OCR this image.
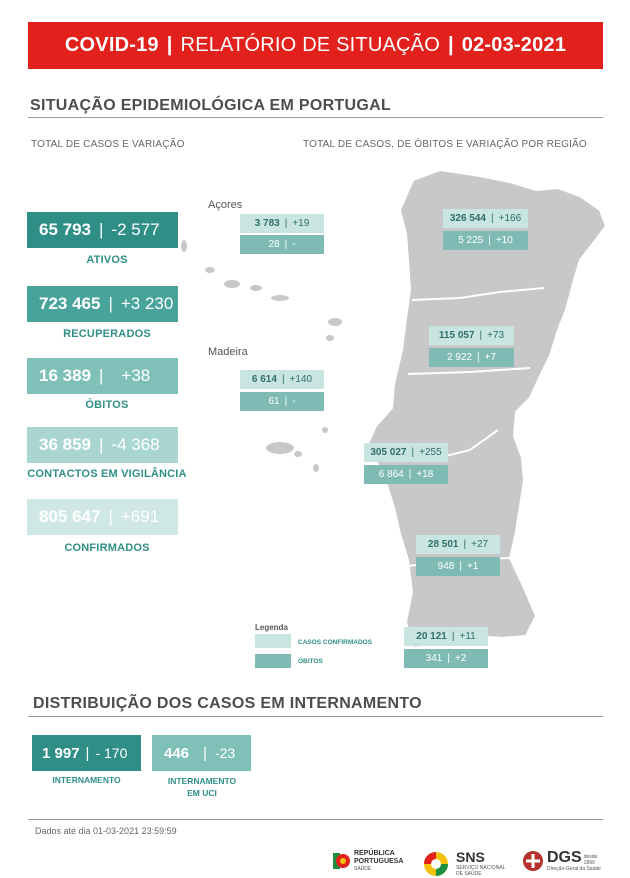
COVID-19 | RELATÓRIO DE SITUAÇÃO | 02-03-2021
SITUAÇÃO EPIDEMIOLÓGICA EM PORTUGAL
TOTAL DE CASOS E VARIAÇÃO	TOTAL DE CASOS, DE ÓBITOS E VARIAÇÃO POR REGIÃO
65 793 | -2 577
ATIVOS
723 465 | +3 230
RECUPERADOS
16 389 | +38
ÓBITOS
36 859 | -4 368
CONTACTOS EM VIGILÂNCIA
805 647 | +691
CONFIRMADOS
Açores
Madeira
3 783 | +19
28 | -
326 544 | +166
5 225 | +10
115 057 | +73
2 922 | +7
6 614 | +140
61 | -
305 027 | +255
6 864 | +18
28 501 | +27
948 | +1
20 121 | +11
341 | +2
Legenda
CASOS CONFIRMADOS
ÓBITOS
DISTRIBUIÇÃO DOS CASOS EM INTERNAMENTO
1 997 | - 170
INTERNAMENTO
446 | -23
INTERNAMENTO EM UCI
Dados até dia 01-03-2021 23:59:59
REPÚBLICA
PORTUGUESA
SAÚDE
SNS
SERVIÇO NACIONAL
DE SAÚDE
DGS desde
1899
Direção-Geral da Saúde
